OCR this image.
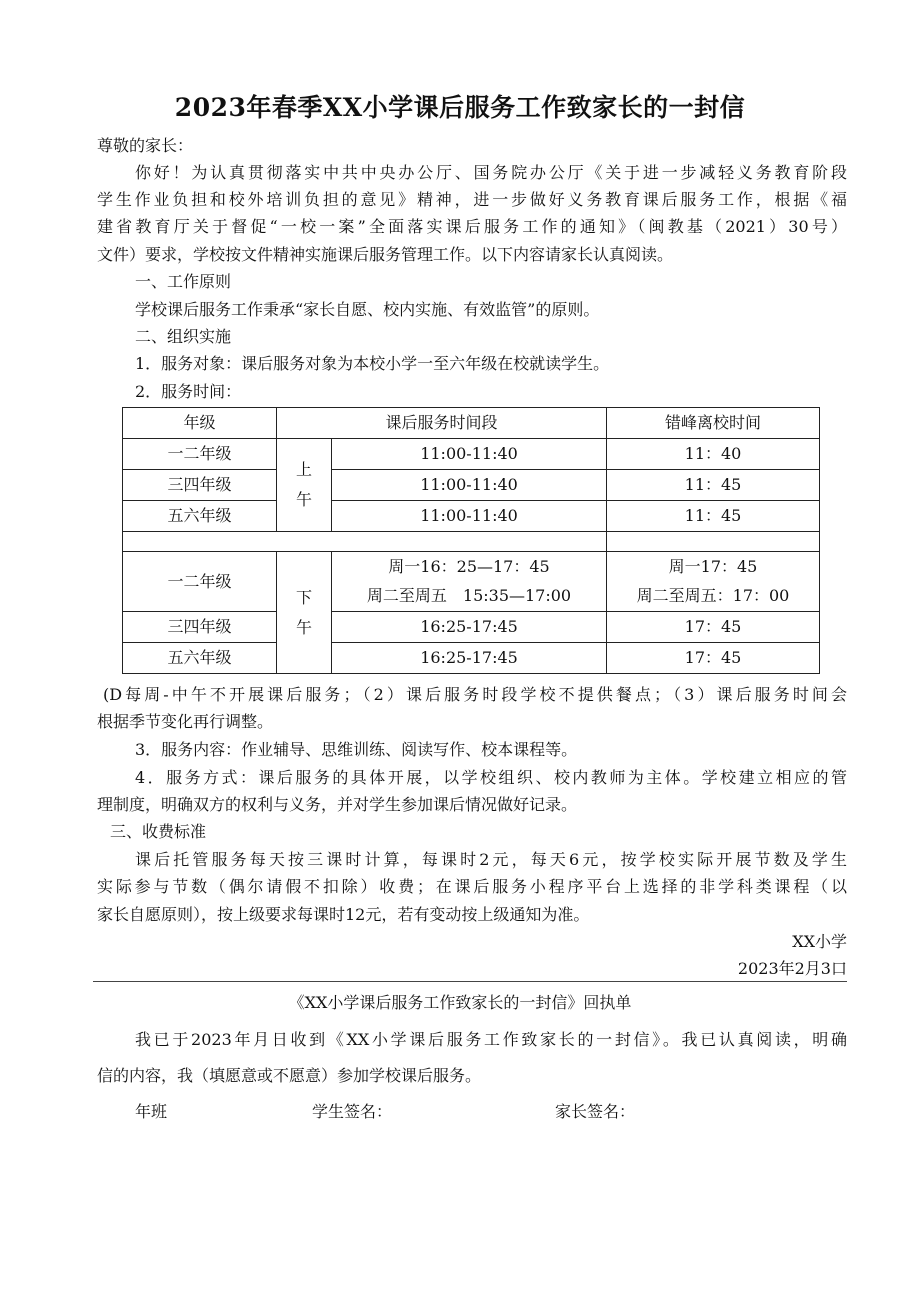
2023年春季XX小学课后服务工作致家长的一封信
尊敬的家长：
你好！为认真贯彻落实中共中央办公厅、国务院办公厅《关于进一步减轻义务教育阶段
学生作业负担和校外培训负担的意见》精神，进一步做好义务教育课后服务工作，根据《福
建省教育厅关于督促“一校一案”全面落实课后服务工作的通知》（闽教基（2021）30号）
文件）要求，学校按文件精神实施课后服务管理工作。以下内容请家长认真阅读。
一、工作原则
学校课后服务工作秉承“家长自愿、校内实施、有效监管”的原则。
二、组织实施
1．服务对象：课后服务对象为本校小学一至六年级在校就读学生。
2．服务时间：
年级	课后服务时间段		错峰离校时间
一二年级	上午	11:00-11:40	11：40
三四年级		11:00-11:40	11：45
五六年级		11:00-11:40	11：45

一二年级	下午	周一16：25—17：45	周一17：45
		周二至周五　15:35—17:00	周二至周五：17：00
三四年级		16:25-17:45	17：45
五六年级		16:25-17:45	17：45
(D每周-中午不开展课后服务；（2）课后服务时段学校不提供餐点；（3）课后服务时间会
根据季节变化再行调整。
3．服务内容：作业辅导、思维训练、阅读写作、校本课程等。
4．服务方式：课后服务的具体开展，以学校组织、校内教师为主体。学校建立相应的管
理制度，明确双方的权利与义务，并对学生参加课后情况做好记录。
三、收费标准
课后托管服务每天按三课时计算，每课时2元，每天6元，按学校实际开展节数及学生
实际参与节数（偶尔请假不扣除）收费；在课后服务小程序平台上选择的非学科类课程（以
家长自愿原则），按上级要求每课时12元，若有变动按上级通知为准。
XX小学
2023年2月3口
《XX小学课后服务工作致家长的一封信》回执单
我已于2023年月日收到《XX小学课后服务工作致家长的一封信》。我已认真阅读，明确
信的内容，我（填愿意或不愿意）参加学校课后服务。
年班	学生签名：	家长签名：
